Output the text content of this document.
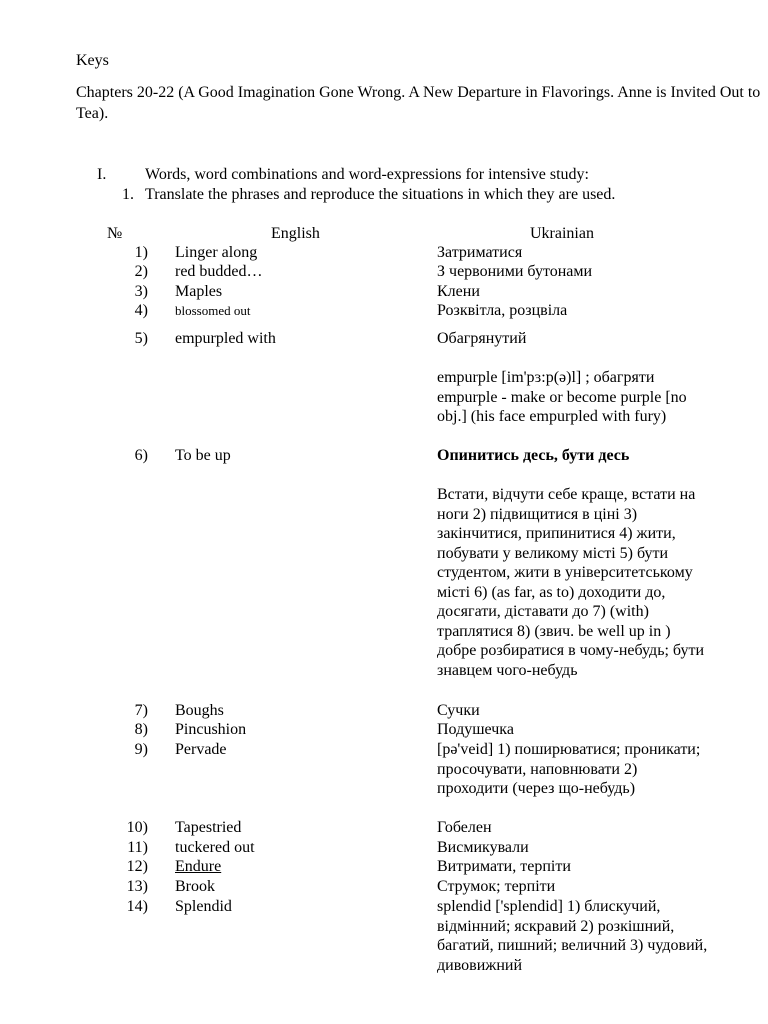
Keys
Chapters 20-22 (A Good Imagination Gone Wrong. A New Departure in Flavorings. Anne is Invited Out to Tea).
I. Words, word combinations and word-expressions for intensive study:
1. Translate the phrases and reproduce the situations in which they are used.
№	English	Ukrainian
1) Linger along	Затриматися
2) red budded…	З червоними бутонами
3) Maples	Клени
4) blossomed out	Розквітла, розцвіла
5) empurpled with	Обагрянутий

empurple [im'pɜ:p(ə)l] ; обагряти empurple - make or become purple [no obj.] (his face empurpled with fury)

6) To be up	Опинитись десь, бути десь

Встати, відчути себе краще, встати на ноги 2) підвищитися в ціні 3) закінчитися, припинитися 4) жити, побувати у великому місті 5) бути студентом, жити в університетському місті 6) (as far, as to) доходити до, досягати, діставати до 7) (with) траплятися 8) (звич. be well up in ) добре розбиратися в чому-небудь; бути знавцем чого-небудь

7) Boughs	Сучки
8) Pincushion	Подушечка
9) Pervade	[pə'veid] 1) поширюватися; проникати; просочувати, наповнювати 2) проходити (через що-небудь)
10) Tapestried	Гобелен
11) tuckered out	Висмикували
12) Endure	Витримати, терпіти
13) Brook	Струмок; терпіти
14) Splendid	splendid ['splendid] 1) блискучий, відмінний; яскравий 2) розкішний, багатий, пишний; величний 3) чудовий, дивовижний
